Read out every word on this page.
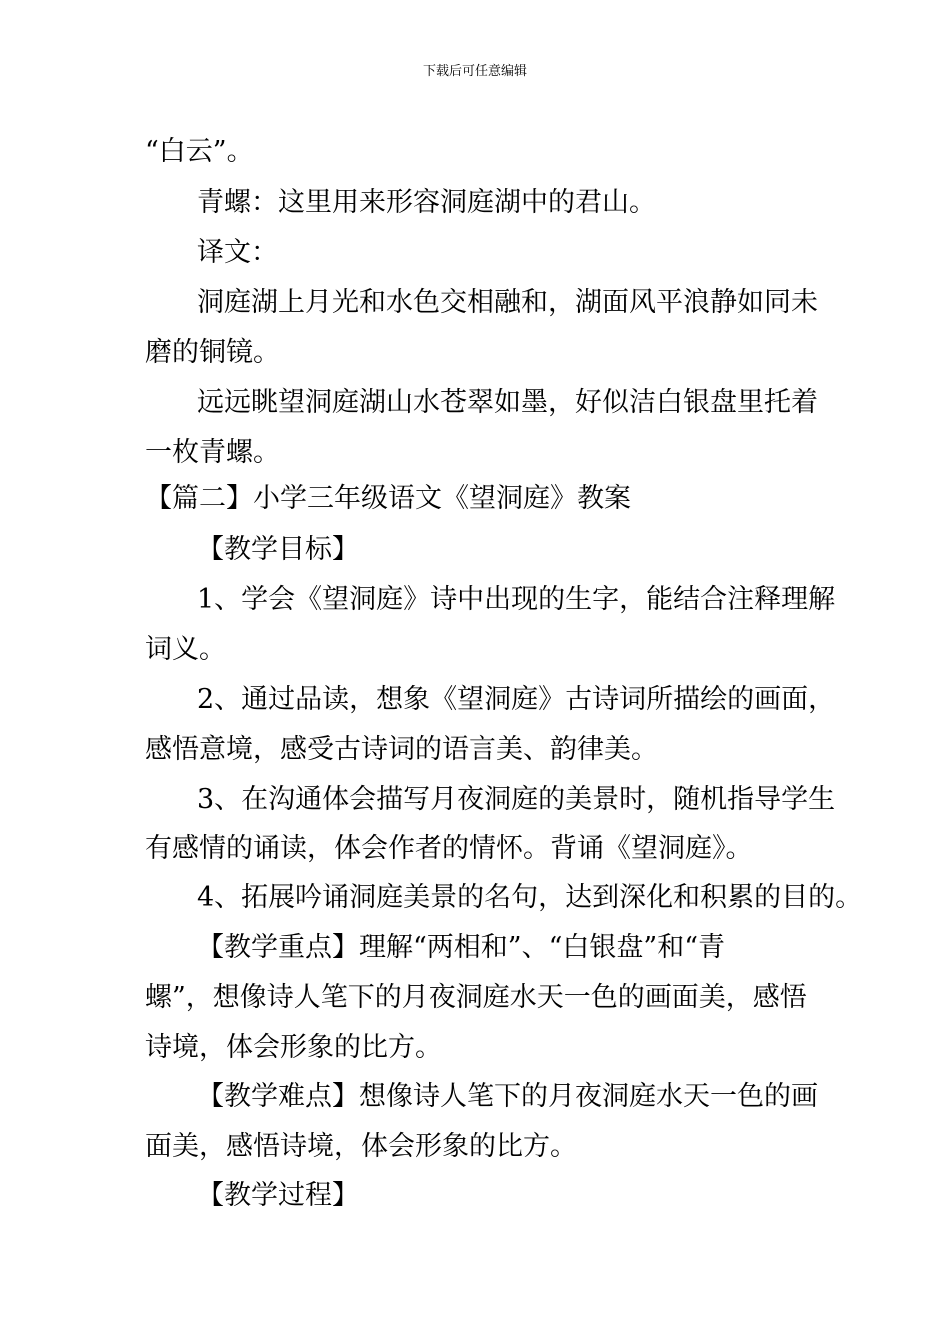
下载后可任意编辑
“白云”。
青螺：这里用来形容洞庭湖中的君山。
译文：
洞庭湖上月光和水色交相融和，湖面风平浪静如同未
磨的铜镜。
远远眺望洞庭湖山水苍翠如墨，好似洁白银盘里托着
一枚青螺。
【篇二】小学三年级语文《望洞庭》教案
【教学目标】
1、学会《望洞庭》诗中出现的生字，能结合注释理解
词义。
2、通过品读，想象《望洞庭》古诗词所描绘的画面，
感悟意境，感受古诗词的语言美、韵律美。
3、在沟通体会描写月夜洞庭的美景时，随机指导学生
有感情的诵读，体会作者的情怀。背诵《望洞庭》。
4、拓展吟诵洞庭美景的名句，达到深化和积累的目的。
【教学重点】理解“两相和”、“白银盘”和“青
螺”，想像诗人笔下的月夜洞庭水天一色的画面美，感悟
诗境，体会形象的比方。
【教学难点】想像诗人笔下的月夜洞庭水天一色的画
面美，感悟诗境，体会形象的比方。
【教学过程】
